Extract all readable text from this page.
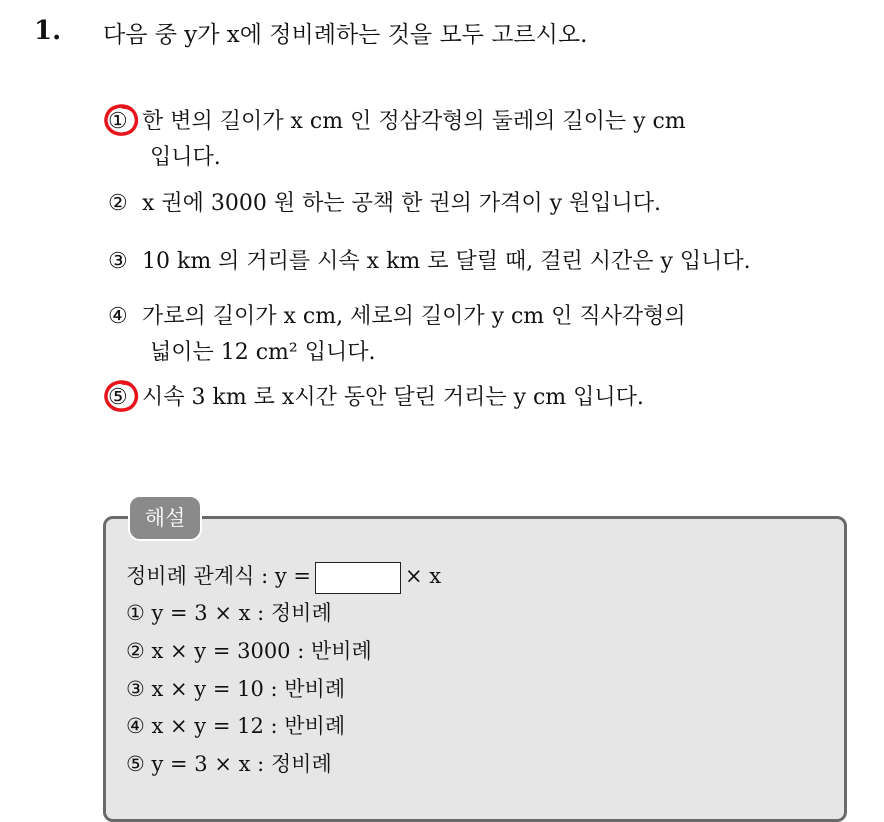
1. 다음 중 y가 x에 정비례하는 것을 모두 고르시오.
① 한 변의 길이가 x cm 인 정삼각형의 둘레의 길이는 y cm
입니다.
② x 권에 3000 원 하는 공책 한 권의 가격이 y 원입니다.
③ 10 km 의 거리를 시속 x km 로 달릴 때, 걸린 시간은 y 입니다.
④ 가로의 길이가 x cm, 세로의 길이가 y cm 인 직사각형의
넓이는 12 cm² 입니다.
⑤ 시속 3 km 로 x시간 동안 달린 거리는 y cm 입니다.
해설
정비례 관계식 : y =	× x
① y = 3 × x : 정비례
② x × y = 3000 : 반비례
③ x × y = 10 : 반비례
④ x × y = 12 : 반비례
⑤ y = 3 × x : 정비례
